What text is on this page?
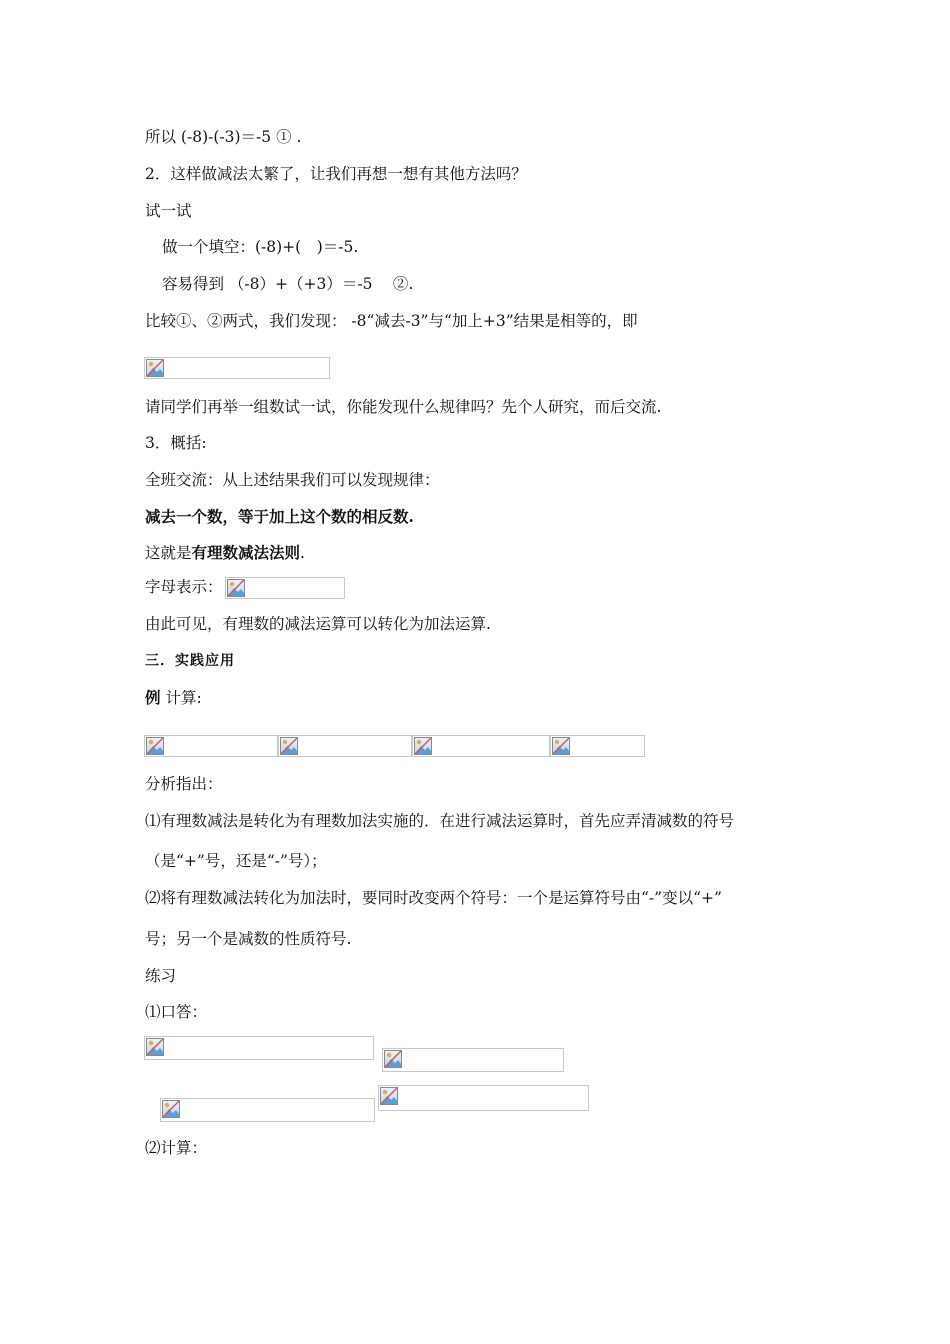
所以 (-8)-(-3)＝-5 ① .
2．这样做减法太繁了，让我们再想一想有其他方法吗？
试一试
做一个填空：(-8)+(　)＝-5.
容易得到 （-8）+（+3）＝-5　 ②.
比较①、②两式，我们发现： -8“减去-3”与“加上+3”结果是相等的，即
请同学们再举一组数试一试，你能发现什么规律吗？先个人研究，而后交流.
3．概括:
全班交流：从上述结果我们可以发现规律：
减去一个数，等于加上这个数的相反数.
这就是有理数减法法则.
字母表示：
由此可见，有理数的减法运算可以转化为加法运算.
三．实践应用
例 计算:
分析指出：
⑴有理数减法是转化为有理数加法实施的．在进行减法运算时，首先应弄清减数的符号
（是“+”号，还是“-”号）；
⑵将有理数减法转化为加法时，要同时改变两个符号：一个是运算符号由“-”变以“+”
号；另一个是减数的性质符号.
练习
⑴口答：
⑵计算：
